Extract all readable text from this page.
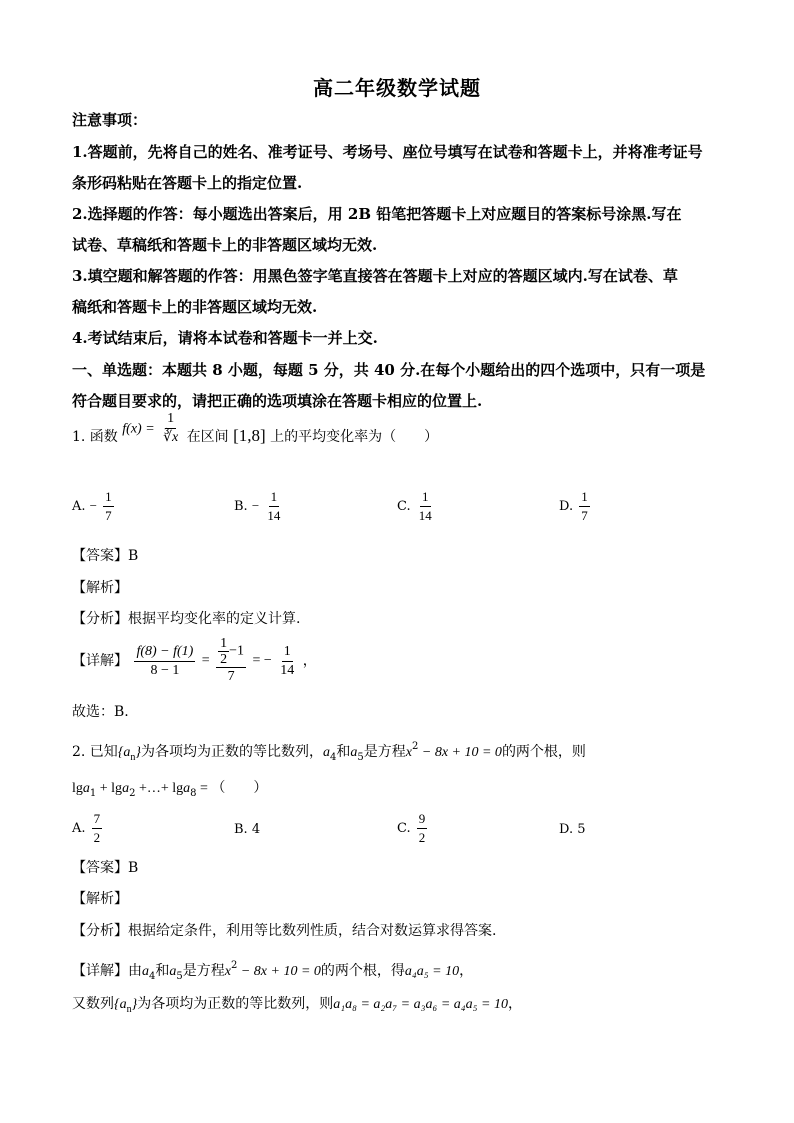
高二年级数学试题
注意事项：
1.答题前，先将自己的姓名、准考证号、考场号、座位号填写在试卷和答题卡上，并将准考证号
条形码粘贴在答题卡上的指定位置.
2.选择题的作答：每小题选出答案后，用 2B 铅笔把答题卡上对应题目的答案标号涂黑.写在
试卷、草稿纸和答题卡上的非答题区域均无效.
3.填空题和解答题的作答：用黑色签字笔直接答在答题卡上对应的答题区域内.写在试卷、草
稿纸和答题卡上的非答题区域均无效.
4.考试结束后，请将本试卷和答题卡一并上交.
一、单选题：本题共 8 小题，每题 5 分，共 40 分.在每个小题给出的四个选项中，只有一项是
符合题目要求的，请把正确的选项填涂在答题卡相应的位置上.
1. 函数 $f(x) = \frac{1}{∛x}$ 在区间 [1,8] 上的平均变化率为（　　）
A. − $\frac{1}{7}$	B. − $\frac{1}{14}$	C. $\frac{1}{14}$	D. $\frac{1}{7}$
【答案】B
【解析】
【分析】根据平均变化率的定义计算.
【详解】 $\frac{f(8) - f(1)}{8 - 1} = \frac{\frac{1}{2} -1}{7}$ = − $\frac{1}{14}$ ，
故选：B.
2. 已知$\{a_n\}$为各项均为正数的等比数列，$a_4$和$a_5$是方程$x^2 - 8x + 10 = 0$的两个根，则
lga$_1$ + lga$_2$ +…+ lga$_8$ = （　　）
A. $\frac{7}{2}$	B. 4	C. $\frac{9}{2}$	D. 5
【答案】B
【解析】
【分析】根据给定条件，利用等比数列性质，结合对数运算求得答案.
【详解】由$a_4$和$a_5$是方程$x^2 - 8x + 10 = 0$的两个根，得a₄a₅ = 10，
又数列$\{a_n\}$为各项均为正数的等比数列，则a₁a₈ = a₂a₇ = a₃a₆ = a₄a₅ = 10，
